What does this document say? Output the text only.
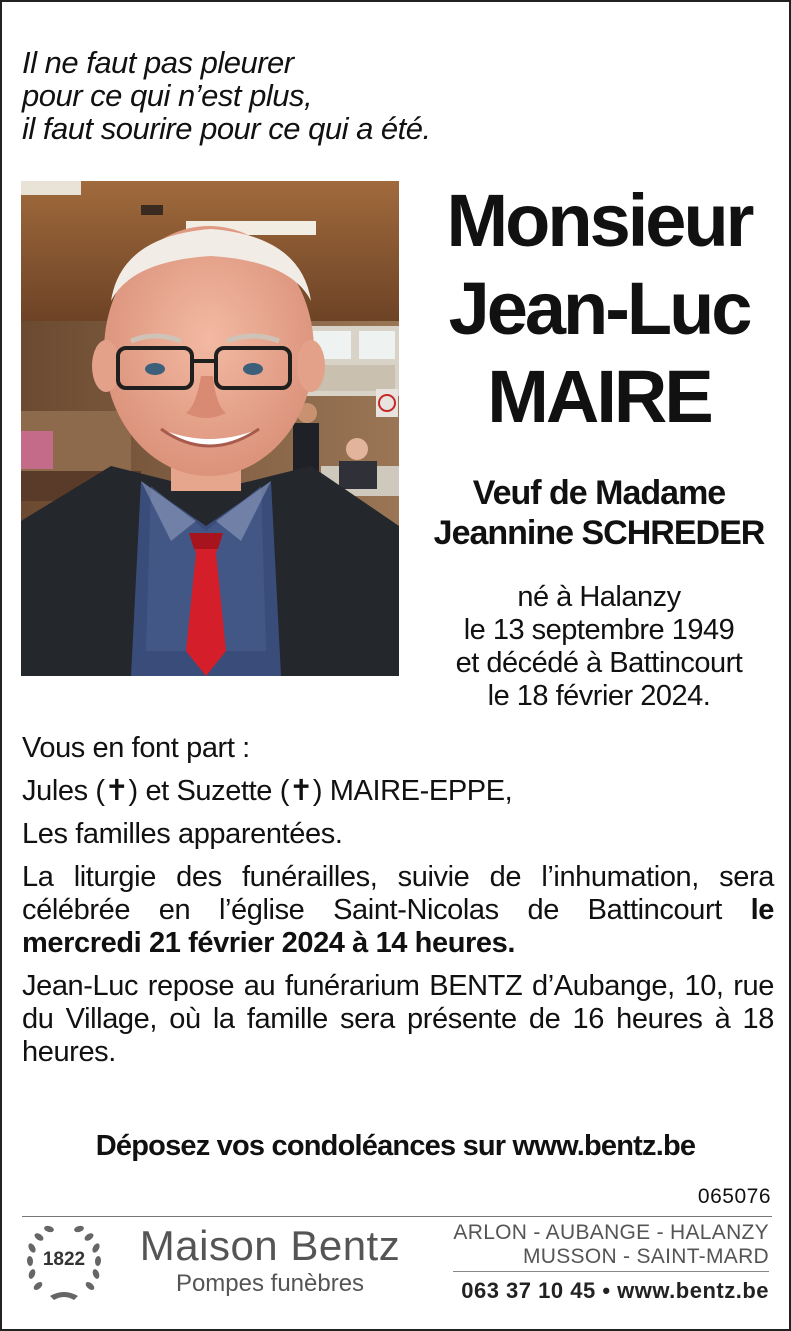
Il ne faut pas pleurer
pour ce qui n’est plus,
il faut sourire pour ce qui a été.
Monsieur
Jean-Luc
MAIRE
Veuf de Madame
Jeannine SCHREDER
né à Halanzy
le 13 septembre 1949
et décédé à Battincourt
le 18 février 2024.

Vous en font part :

Jules (✝) et Suzette (✝) MAIRE-EPPE,

Les familles apparentées.

La liturgie des funérailles, suivie de l’inhumation, sera célébrée en l’église Saint-Nicolas de Battincourt le mercredi 21 février 2024 à 14 heures.

Jean-Luc repose au funérarium BENTZ d’Aubange, 10, rue du Village, où la famille sera présente de 16 heures à 18 heures.

Déposez vos condoléances sur www.bentz.be
065076
1822	Maison Bentz
Pompes funèbres
ARLON - AUBANGE - HALANZY
MUSSON - SAINT-MARD
063 37 10 45 • www.bentz.be
